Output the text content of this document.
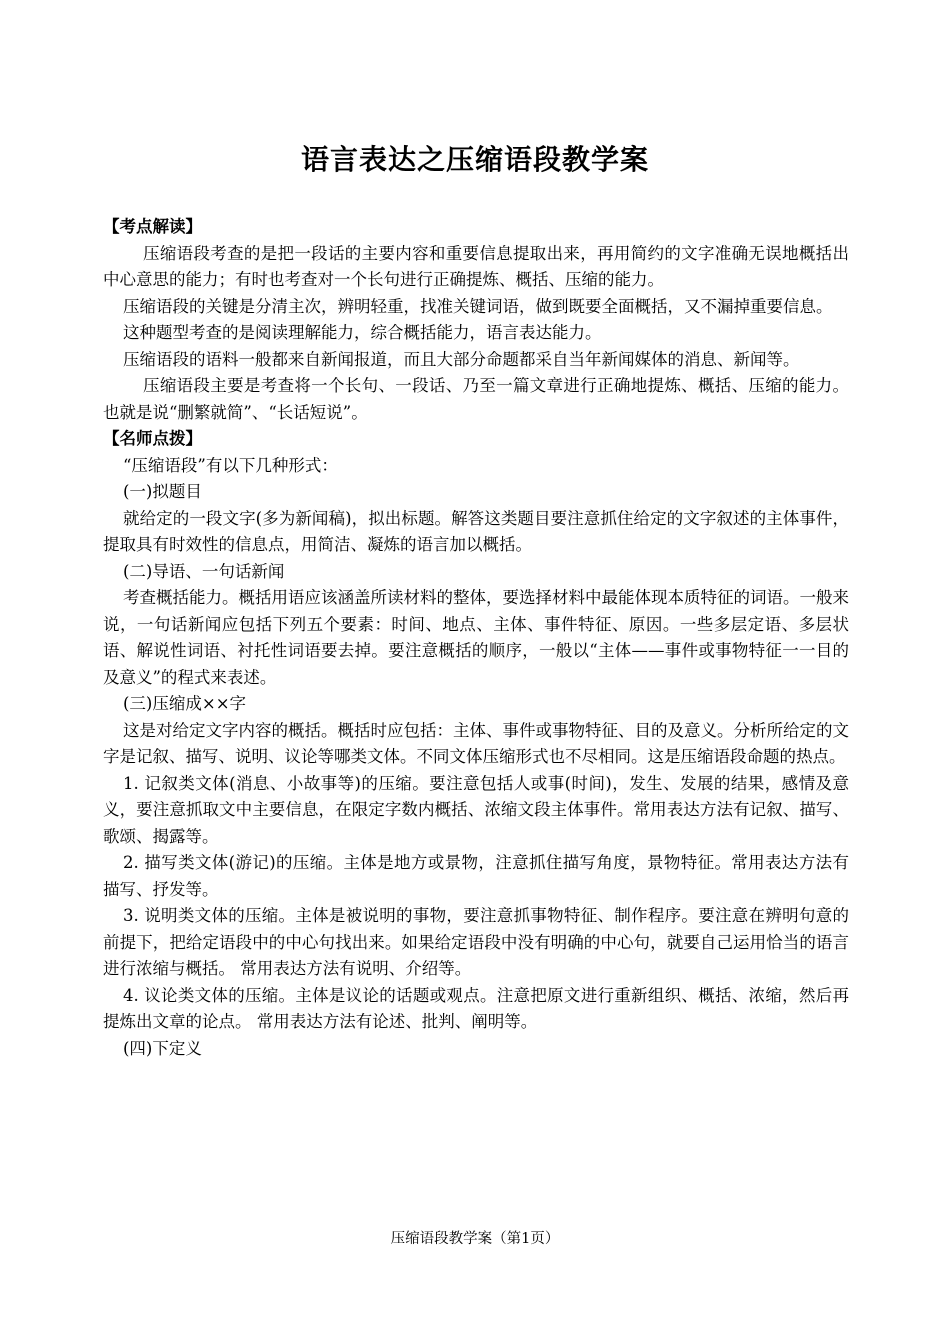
语言表达之压缩语段教学案

【考点解读】

压缩语段考查的是把一段话的主要内容和重要信息提取出来，再用简约的文字准确无误地概括出中心意思的能力；有时也考查对一个长句进行正确提炼、概括、压缩的能力。

压缩语段的关键是分清主次，辨明轻重，找准关键词语，做到既要全面概括，又不漏掉重要信息。

这种题型考查的是阅读理解能力，综合概括能力，语言表达能力。

压缩语段的语料一般都来自新闻报道，而且大部分命题都采自当年新闻媒体的消息、新闻等。

压缩语段主要是考查将一个长句、一段话、乃至一篇文章进行正确地提炼、概括、压缩的能力。也就是说“删繁就简”、“长话短说”。

【名师点拨】

“压缩语段”有以下几种形式：

(一)拟题目

就给定的一段文字(多为新闻稿)，拟出标题。解答这类题目要注意抓住给定的文字叙述的主体事件，提取具有时效性的信息点，用简洁、凝炼的语言加以概括。

(二)导语、一句话新闻

考查概括能力。概括用语应该涵盖所读材料的整体，要选择材料中最能体现本质特征的词语。一般来说，一句话新闻应包括下列五个要素：时间、地点、主体、事件特征、原因。一些多层定语、多层状语、解说性词语、衬托性词语要去掉。要注意概括的顺序，一般以“主体——事件或事物特征一一目的及意义”的程式来表述。

(三)压缩成××字

这是对给定文字内容的概括。概括时应包括：主体、事件或事物特征、目的及意义。分析所给定的文字是记叙、描写、说明、议论等哪类文体。不同文体压缩形式也不尽相同。这是压缩语段命题的热点。

1. 记叙类文体(消息、小故事等)的压缩。要注意包括人或事(时间)，发生、发展的结果，感情及意义，要注意抓取文中主要信息，在限定字数内概括、浓缩文段主体事件。常用表达方法有记叙、描写、歌颂、揭露等。

2. 描写类文体(游记)的压缩。主体是地方或景物，注意抓住描写角度，景物特征。常用表达方法有描写、抒发等。

3. 说明类文体的压缩。主体是被说明的事物，要注意抓事物特征、制作程序。要注意在辨明句意的前提下，把给定语段中的中心句找出来。如果给定语段中没有明确的中心句，就要自己运用恰当的语言进行浓缩与概括。 常用表达方法有说明、介绍等。

4. 议论类文体的压缩。主体是议论的话题或观点。注意把原文进行重新组织、概括、浓缩，然后再提炼出文章的论点。 常用表达方法有论述、批判、阐明等。

(四)下定义

压缩语段教学案（第1页）
